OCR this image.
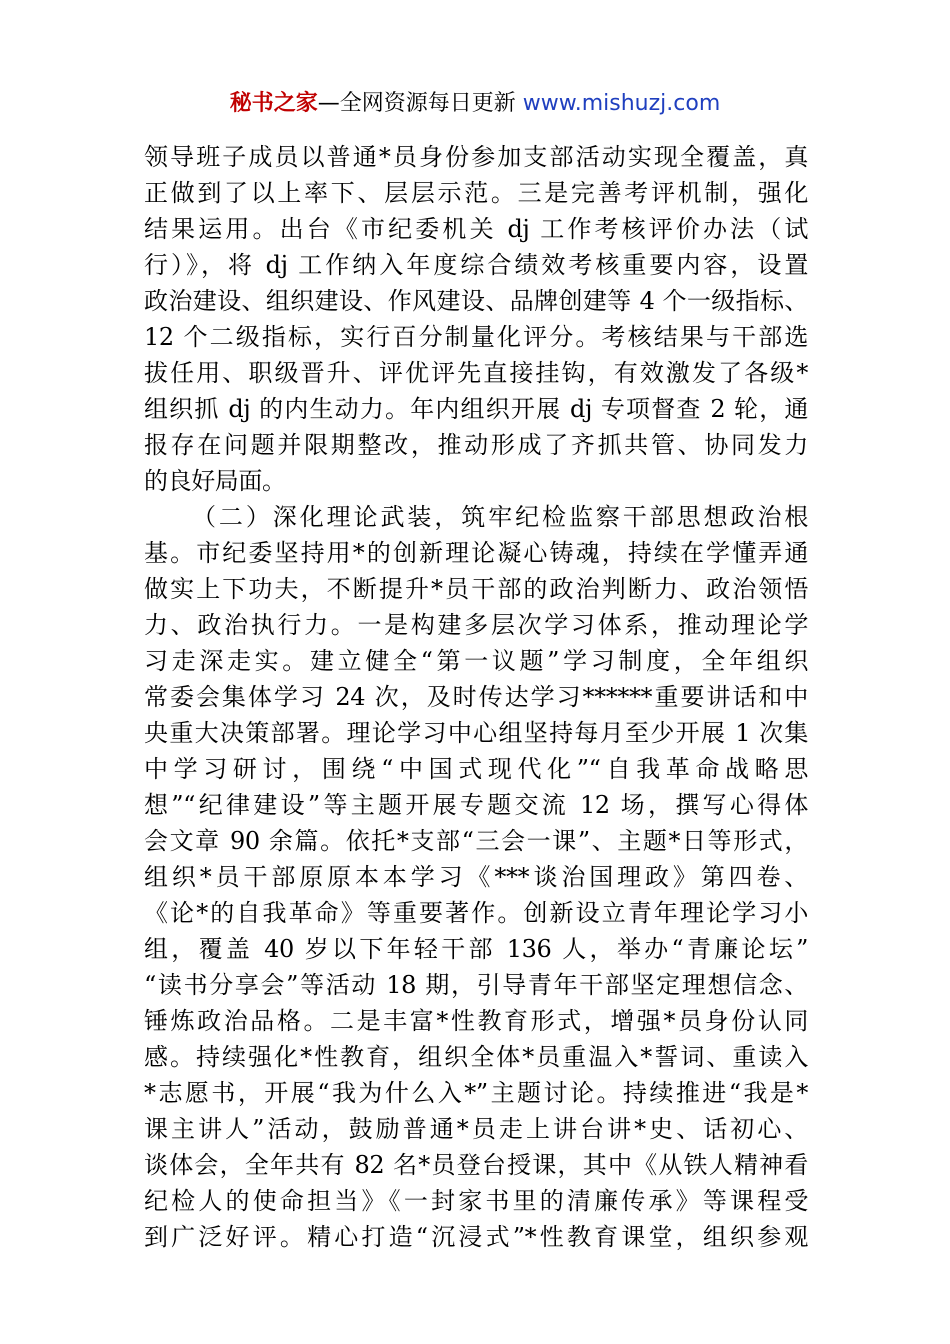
秘书之家—全网资源每日更新 www.mishuzj.com
领导班子成员以普通*员身份参加支部活动实现全覆盖，真
正做到了以上率下、层层示范。三是完善考评机制，强化
结果运用。出台《市纪委机关 dj 工作考核评价办法（试
行）》，将 dj 工作纳入年度综合绩效考核重要内容，设置
政治建设、组织建设、作风建设、品牌创建等 4 个一级指标、
12 个二级指标，实行百分制量化评分。考核结果与干部选
拔任用、职级晋升、评优评先直接挂钩，有效激发了各级*
组织抓 dj 的内生动力。年内组织开展 dj 专项督查 2 轮，通
报存在问题并限期整改，推动形成了齐抓共管、协同发力
的良好局面。
（二）深化理论武装，筑牢纪检监察干部思想政治根
基。市纪委坚持用*的创新理论凝心铸魂，持续在学懂弄通
做实上下功夫，不断提升*员干部的政治判断力、政治领悟
力、政治执行力。一是构建多层次学习体系，推动理论学
习走深走实。建立健全“第一议题”学习制度，全年组织
常委会集体学习 24 次，及时传达学习******重要讲话和中
央重大决策部署。理论学习中心组坚持每月至少开展 1 次集
中学习研讨，围绕“中国式现代化”“自我革命战略思
想”“纪律建设”等主题开展专题交流 12 场，撰写心得体
会文章 90 余篇。依托*支部“三会一课”、主题*日等形式，
组织*员干部原原本本学习《***谈治国理政》第四卷、
《论*的自我革命》等重要著作。创新设立青年理论学习小
组，覆盖 40 岁以下年轻干部 136 人，举办“青廉论坛”
“读书分享会”等活动 18 期，引导青年干部坚定理想信念、
锤炼政治品格。二是丰富*性教育形式，增强*员身份认同
感。持续强化*性教育，组织全体*员重温入*誓词、重读入
*志愿书，开展“我为什么入*”主题讨论。持续推进“我是*
课主讲人”活动，鼓励普通*员走上讲台讲*史、话初心、
谈体会，全年共有 82 名*员登台授课，其中《从铁人精神看
纪检人的使命担当》《一封家书里的清廉传承》等课程受
到广泛好评。精心打造“沉浸式”*性教育课堂，组织参观
